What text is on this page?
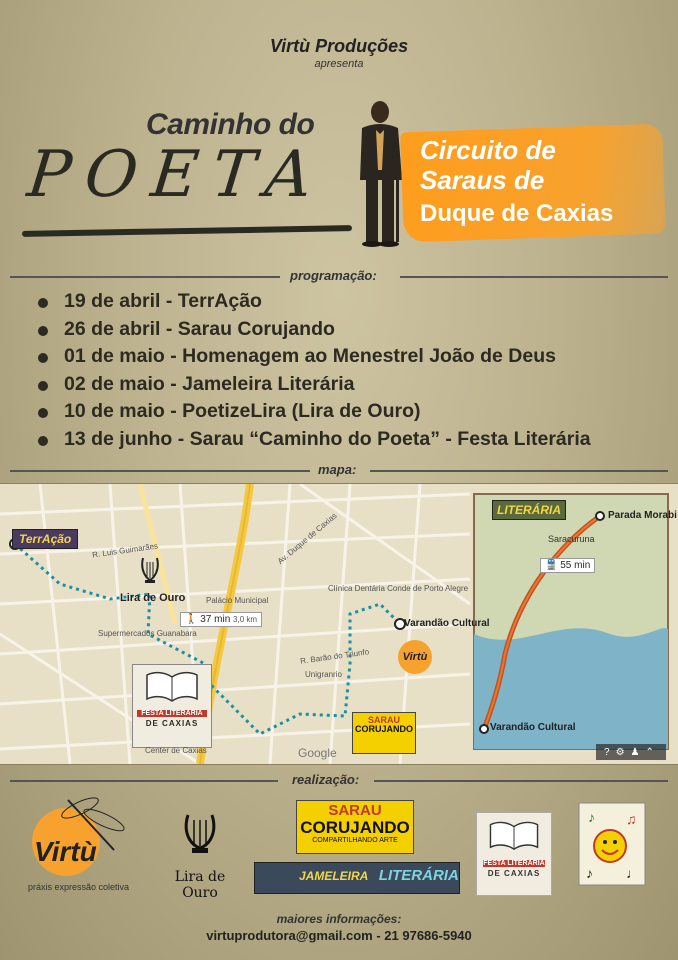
Virtù Produções
apresenta
Caminho do
POETA	Circuito de
Saraus de
Duque de Caxias
programação:
19 de abril - TerrAção
26 de abril - Sarau Corujando
01 de maio - Homenagem ao Menestrel João de Deus
02 de maio - Jameleira Literária
10 de maio - PoetizeLira (Lira de Ouro)
13 de junho - Sarau “Caminho do Poeta” - Festa Literária
mapa:
TerrAção
Lira de Ouro
🚶 37 min 3,0 km
FESTA LITERÁRIA
DE CAXIAS	SARAU
CORUJANDO
Varandão Cultural
Virtù
LITERÁRIA	Parada Morabi
Saracuruna
🚆 55 min
Varandão Cultural
Google
R. Luis Guimarães	Av. Duque de Caxias
Clínica Dentária Conde de Porto Alegre
Unigranrio
Supermercados Guanabara
Center de Caxias
Palácio Municipal
R. Barão do Triunfo
? ⚙ ♟ ⌃
realização:
Virtù
práxis expressão coletiva
Lira de Ouro
SARAU
CORUJANDO
COMPARTILHANDO ARTE
JAMELEIRA LITERÁRIA
FESTA LITERÁRIA
DE CAXIAS
♪ ♫
♪ ♩
maiores informações:
virtuprodutora@gmail.com - 21 97686-5940
